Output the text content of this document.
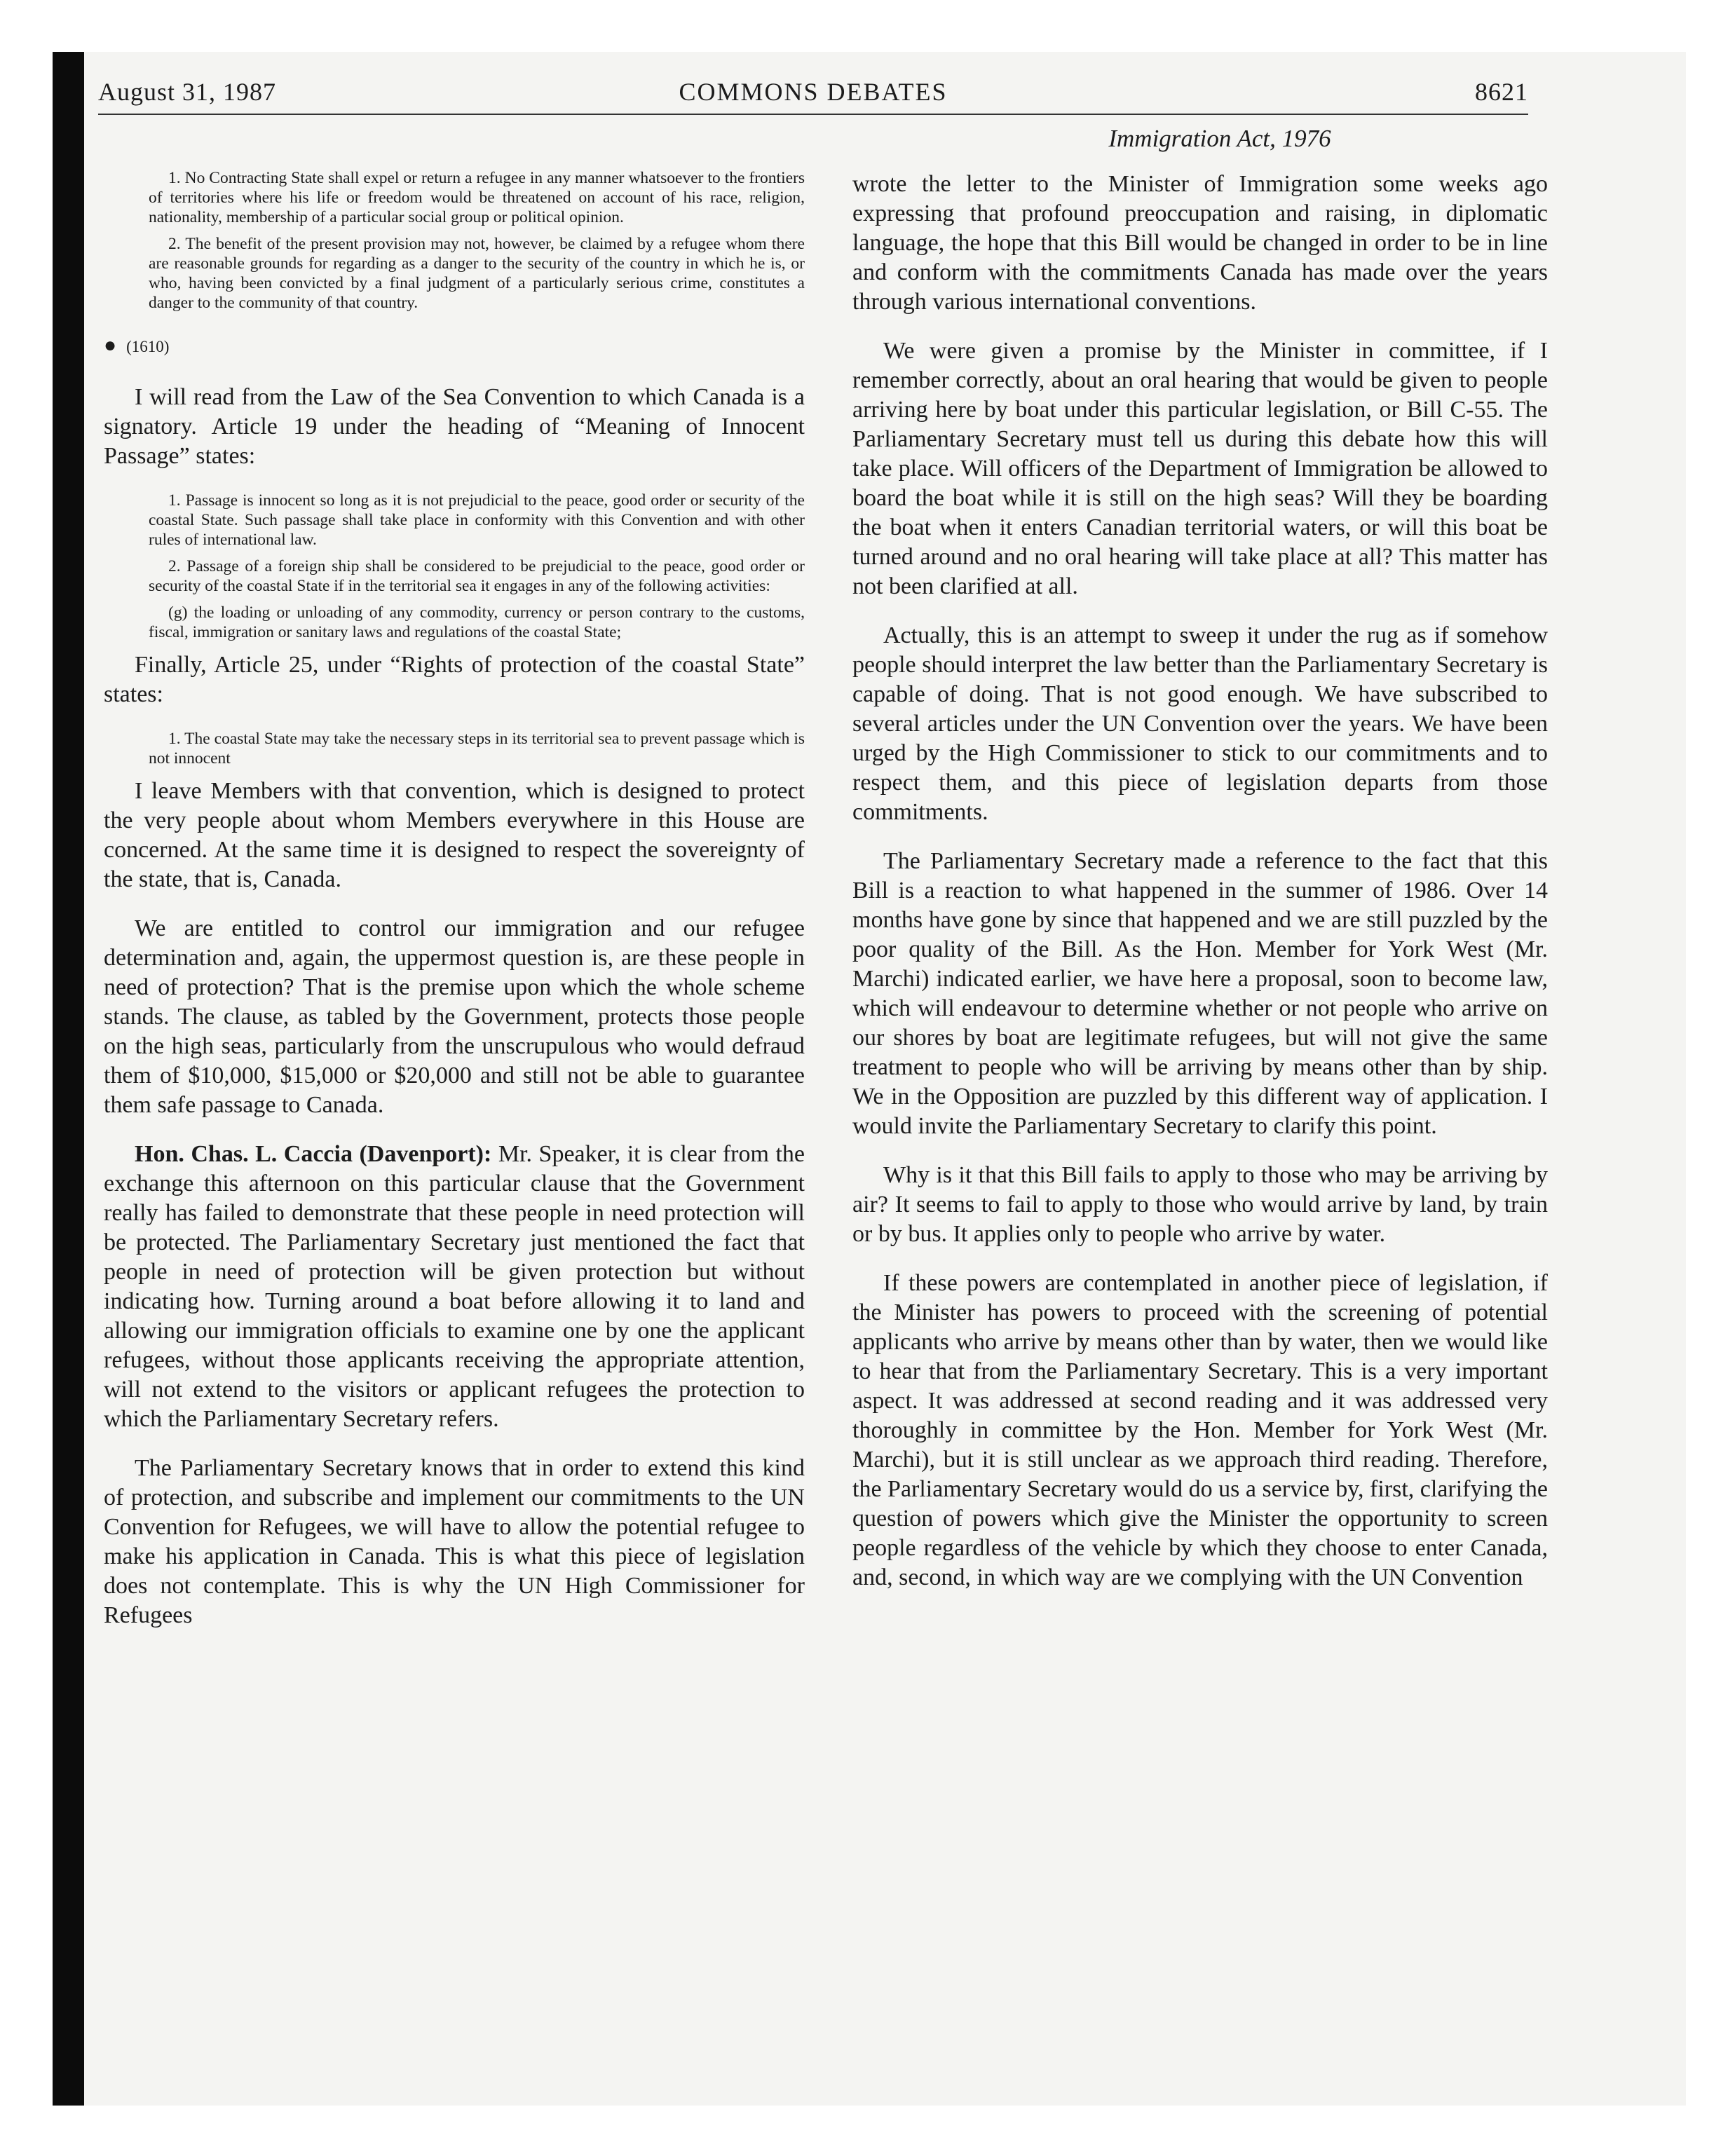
August 31, 1987	COMMONS DEBATES	8621
Immigration Act, 1976

1. No Contracting State shall expel or return a refugee in any manner whatsoever to the frontiers of territories where his life or freedom would be threatened on account of his race, religion, nationality, membership of a particular social group or political opinion.

2. The benefit of the present provision may not, however, be claimed by a refugee whom there are reasonable grounds for regarding as a danger to the security of the country in which he is, or who, having been convicted by a final judgment of a particularly serious crime, constitutes a danger to the community of that country.

● (1610)

I will read from the Law of the Sea Convention to which Canada is a signatory. Article 19 under the heading of “Meaning of Innocent Passage” states:

1. Passage is innocent so long as it is not prejudicial to the peace, good order or security of the coastal State. Such passage shall take place in conformity with this Convention and with other rules of international law.

2. Passage of a foreign ship shall be considered to be prejudicial to the peace, good order or security of the coastal State if in the territorial sea it engages in any of the following activities:

(g) the loading or unloading of any commodity, currency or person contrary to the customs, fiscal, immigration or sanitary laws and regulations of the coastal State;

Finally, Article 25, under “Rights of protection of the coastal State” states:

1. The coastal State may take the necessary steps in its territorial sea to prevent passage which is not innocent

I leave Members with that convention, which is designed to protect the very people about whom Members everywhere in this House are concerned. At the same time it is designed to respect the sovereignty of the state, that is, Canada.

We are entitled to control our immigration and our refugee determination and, again, the uppermost question is, are these people in need of protection? That is the premise upon which the whole scheme stands. The clause, as tabled by the Government, protects those people on the high seas, particularly from the unscrupulous who would defraud them of $10,000, $15,000 or $20,000 and still not be able to guarantee them safe passage to Canada.

Hon. Chas. L. Caccia (Davenport): Mr. Speaker, it is clear from the exchange this afternoon on this particular clause that the Government really has failed to demonstrate that these people in need protection will be protected. The Parliamentary Secretary just mentioned the fact that people in need of protection will be given protection but without indicating how. Turning around a boat before allowing it to land and allowing our immigration officials to examine one by one the applicant refugees, without those applicants receiving the appropriate attention, will not extend to the visitors or applicant refugees the protection to which the Parliamentary Secretary refers.

The Parliamentary Secretary knows that in order to extend this kind of protection, and subscribe and implement our commitments to the UN Convention for Refugees, we will have to allow the potential refugee to make his application in Canada. This is what this piece of legislation does not contemplate. This is why the UN High Commissioner for Refugees

wrote the letter to the Minister of Immigration some weeks ago expressing that profound preoccupation and raising, in diplomatic language, the hope that this Bill would be changed in order to be in line and conform with the commitments Canada has made over the years through various international conventions.

We were given a promise by the Minister in committee, if I remember correctly, about an oral hearing that would be given to people arriving here by boat under this particular legislation, or Bill C-55. The Parliamentary Secretary must tell us during this debate how this will take place. Will officers of the Department of Immigration be allowed to board the boat while it is still on the high seas? Will they be boarding the boat when it enters Canadian territorial waters, or will this boat be turned around and no oral hearing will take place at all? This matter has not been clarified at all.

Actually, this is an attempt to sweep it under the rug as if somehow people should interpret the law better than the Parliamentary Secretary is capable of doing. That is not good enough. We have subscribed to several articles under the UN Convention over the years. We have been urged by the High Commissioner to stick to our commitments and to respect them, and this piece of legislation departs from those commitments.

The Parliamentary Secretary made a reference to the fact that this Bill is a reaction to what happened in the summer of 1986. Over 14 months have gone by since that happened and we are still puzzled by the poor quality of the Bill. As the Hon. Member for York West (Mr. Marchi) indicated earlier, we have here a proposal, soon to become law, which will endeavour to determine whether or not people who arrive on our shores by boat are legitimate refugees, but will not give the same treatment to people who will be arriving by means other than by ship. We in the Opposition are puzzled by this different way of application. I would invite the Parliamentary Secretary to clarify this point.

Why is it that this Bill fails to apply to those who may be arriving by air? It seems to fail to apply to those who would arrive by land, by train or by bus. It applies only to people who arrive by water.

If these powers are contemplated in another piece of legislation, if the Minister has powers to proceed with the screening of potential applicants who arrive by means other than by water, then we would like to hear that from the Parliamentary Secretary. This is a very important aspect. It was addressed at second reading and it was addressed very thoroughly in committee by the Hon. Member for York West (Mr. Marchi), but it is still unclear as we approach third reading. Therefore, the Parliamentary Secretary would do us a service by, first, clarifying the question of powers which give the Minister the opportunity to screen people regardless of the vehicle by which they choose to enter Canada, and, second, in which way are we complying with the UN Convention
